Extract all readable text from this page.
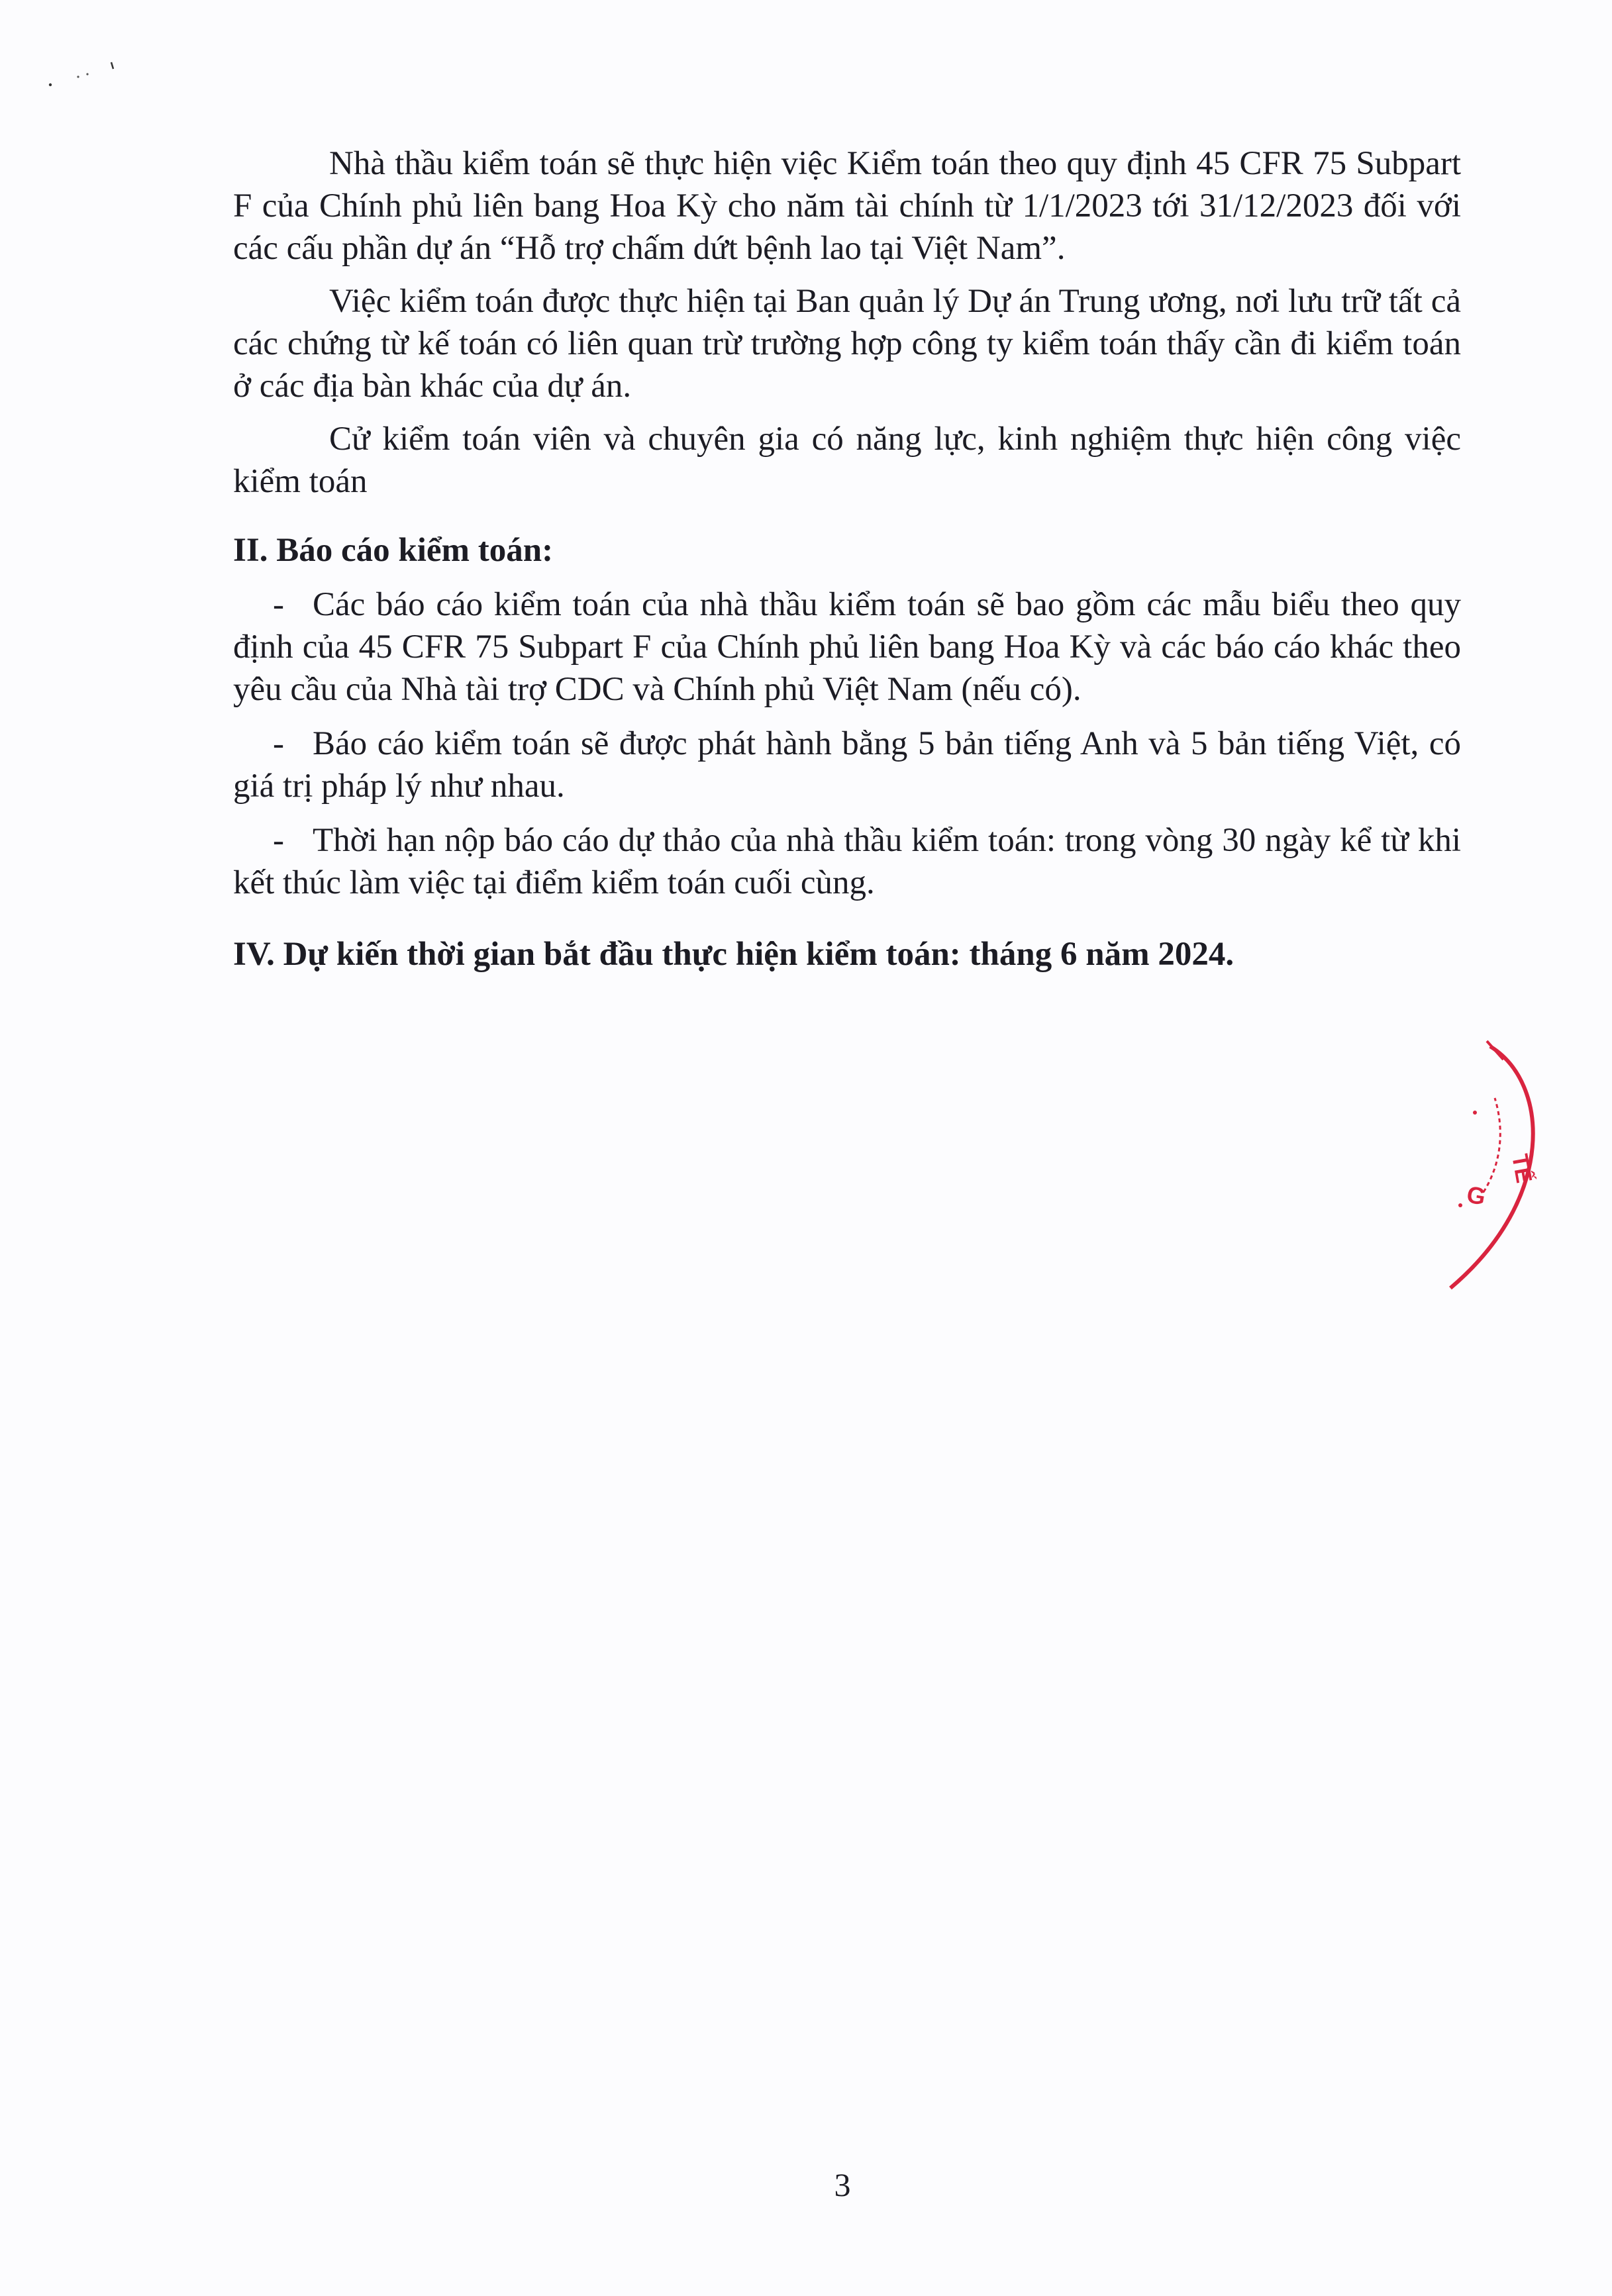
Nhà thầu kiểm toán sẽ thực hiện việc Kiểm toán theo quy định 45 CFR 75 Subpart F của Chính phủ liên bang Hoa Kỳ cho năm tài chính từ 1/1/2023 tới 31/12/2023 đối với các cấu phần dự án “Hỗ trợ chấm dứt bệnh lao tại Việt Nam”.

Việc kiểm toán được thực hiện tại Ban quản lý Dự án Trung ương, nơi lưu trữ tất cả các chứng từ kế toán có liên quan trừ trường hợp công ty kiểm toán thấy cần đi kiểm toán ở các địa bàn khác của dự án.

Cử kiểm toán viên và chuyên gia có năng lực, kinh nghiệm thực hiện công việc kiểm toán

II. Báo cáo kiểm toán:

- Các báo cáo kiểm toán của nhà thầu kiểm toán sẽ bao gồm các mẫu biểu theo quy định của 45 CFR 75 Subpart F của Chính phủ liên bang Hoa Kỳ và các báo cáo khác theo yêu cầu của Nhà tài trợ CDC và Chính phủ Việt Nam (nếu có).

- Báo cáo kiểm toán sẽ được phát hành bằng 5 bản tiếng Anh và 5 bản tiếng Việt, có giá trị pháp lý như nhau.

- Thời hạn nộp báo cáo dự thảo của nhà thầu kiểm toán: trong vòng 30 ngày kể từ khi kết thúc làm việc tại điểm kiểm toán cuối cùng.

IV. Dự kiến thời gian bắt đầu thực hiện kiểm toán: tháng 6 năm 2024.

TẾ
G
3
